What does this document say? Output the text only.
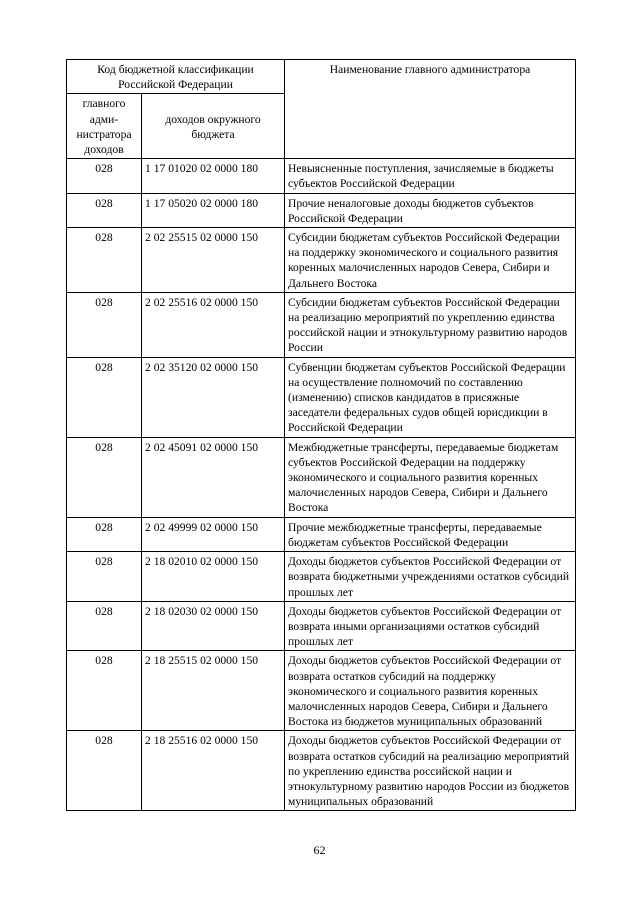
Код бюджетной классификации Российской Федерации		Наименование главного администратора
главного адми-нистратора доходов	доходов окружного бюджета	
028	1 17 01020 02 0000 180	Невыясненные поступления, зачисляемые в бюджеты субъектов Российской Федерации
028	1 17 05020 02 0000 180	Прочие неналоговые доходы бюджетов субъектов Российской Федерации
028	2 02 25515 02 0000 150	Субсидии бюджетам субъектов Российской Федерации на поддержку экономического и социального развития коренных малочисленных народов Севера, Сибири и Дальнего Востока
028	2 02 25516 02 0000 150	Субсидии бюджетам субъектов Российской Федерации на реализацию мероприятий по укреплению единства российской нации и этнокультурному развитию народов России
028	2 02 35120 02 0000 150	Субвенции бюджетам субъектов Российской Федерации на осуществление полномочий по составлению (изменению) списков кандидатов в присяжные заседатели федеральных судов общей юрисдикции в Российской Федерации
028	2 02 45091 02 0000 150	Межбюджетные трансферты, передаваемые бюджетам субъектов Российской Федерации на поддержку экономического и социального развития коренных малочисленных народов Севера, Сибири и Дальнего Востока
028	2 02 49999 02 0000 150	Прочие межбюджетные трансферты, передаваемые бюджетам субъектов Российской Федерации
028	2 18 02010 02 0000 150	Доходы бюджетов субъектов Российской Федерации от возврата бюджетными учреждениями остатков субсидий прошлых лет
028	2 18 02030 02 0000 150	Доходы бюджетов субъектов Российской Федерации от возврата иными организациями остатков субсидий прошлых лет
028	2 18 25515 02 0000 150	Доходы бюджетов субъектов Российской Федерации от возврата остатков субсидий на поддержку экономического и социального развития коренных малочисленных народов Севера, Сибири и Дальнего Востока из бюджетов муниципальных образований
028	2 18 25516 02 0000 150	Доходы бюджетов субъектов Российской Федерации от возврата остатков субсидий на реализацию мероприятий по укреплению единства российской нации и этнокультурному развитию народов России из бюджетов муниципальных образований
62
